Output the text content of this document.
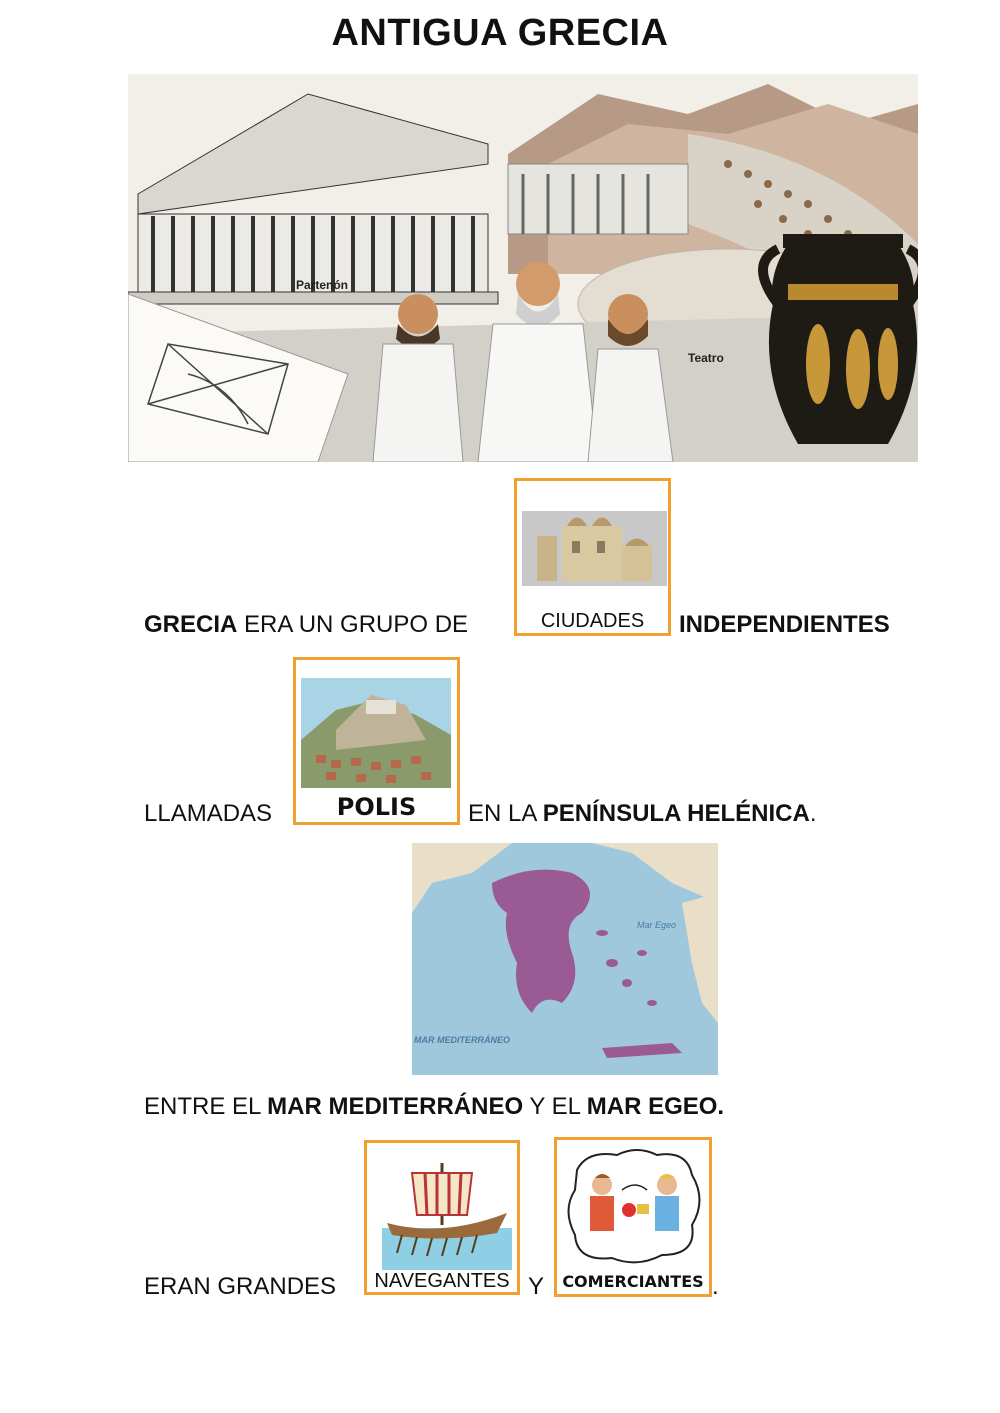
ANTIGUA GRECIA
Partenón
Teatro
CIUDADES
GRECIA ERA UN GRUPO DE	INDEPENDIENTES
POLIS
LLAMADAS	EN LA PENÍNSULA HELÉNICA.
Mar Egeo
MAR MEDITERRÁNEO
ENTRE EL MAR MEDITERRÁNEO Y EL MAR EGEO.
NAVEGANTES	COMERCIANTES
ERAN GRANDES	Y	.
